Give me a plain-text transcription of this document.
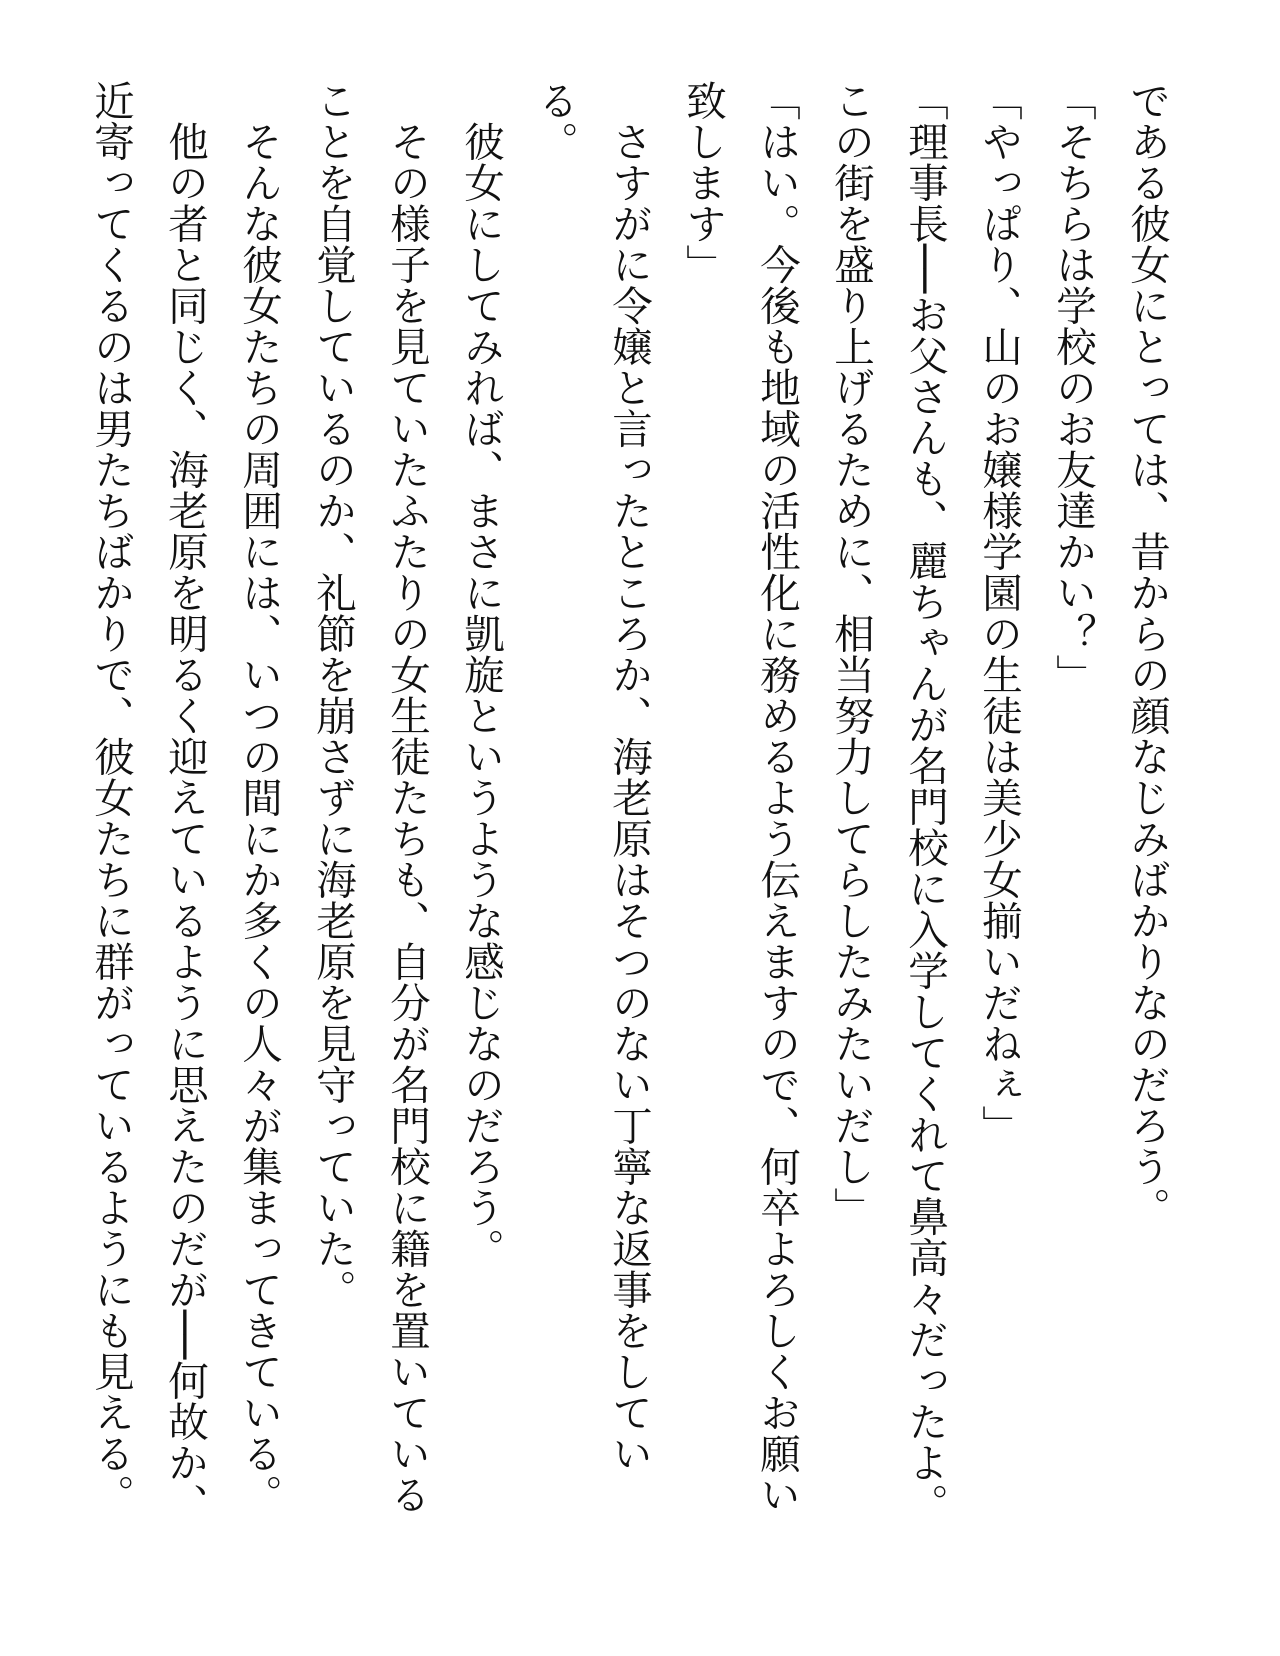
である彼女にとっては、昔からの顔なじみばかりなのだろう。
「そちらは学校のお友達かい？」
「やっぱり、山のお嬢様学園の生徒は美少女揃いだねぇ」
「理事長──お父さんも、麗ちゃんが名門校に入学してくれて鼻高々だったよ。
この街を盛り上げるために、相当努力してらしたみたいだし」
「はい。今後も地域の活性化に務めるよう伝えますので、何卒よろしくお願い
致します」
　さすがに令嬢と言ったところか、海老原はそつのない丁寧な返事をしてい
る。
　彼女にしてみれば、まさに凱旋というような感じなのだろう。
　その様子を見ていたふたりの女生徒たちも、自分が名門校に籍を置いている
ことを自覚しているのか、礼節を崩さずに海老原を見守っていた。
　そんな彼女たちの周囲には、いつの間にか多くの人々が集まってきている。
　他の者と同じく、海老原を明るく迎えているように思えたのだが──何故か、
近寄ってくるのは男たちばかりで、彼女たちに群がっているようにも見える。
